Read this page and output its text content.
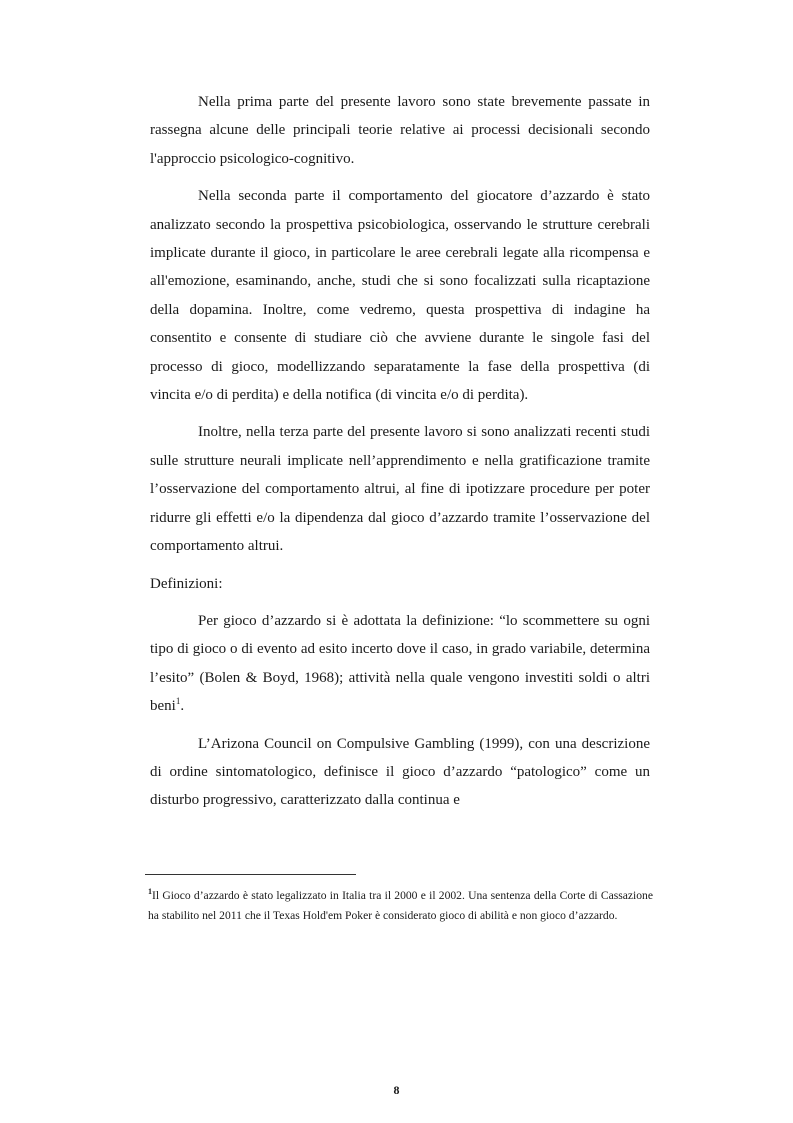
Nella prima parte del presente lavoro sono state brevemente passate in rassegna alcune delle principali teorie relative ai processi decisionali secondo l'approccio psicologico-cognitivo.

Nella seconda parte il comportamento del giocatore d’azzardo è stato analizzato secondo la prospettiva psicobiologica, osservando le strutture cerebrali implicate durante il gioco, in particolare le aree cerebrali legate alla ricompensa e all'emozione, esaminando, anche, studi che si sono focalizzati sulla ricaptazione della dopamina. Inoltre, come vedremo, questa prospettiva di indagine ha consentito e consente di studiare ciò che avviene durante le singole fasi del processo di gioco, modellizzando separatamente la fase della prospettiva (di vincita e/o di perdita) e della notifica (di vincita e/o di perdita).

Inoltre, nella terza parte del presente lavoro si sono analizzati recenti studi sulle strutture neurali implicate nell’apprendimento e nella gratificazione tramite l’osservazione del comportamento altrui, al fine di ipotizzare procedure per poter ridurre gli effetti e/o la dipendenza dal gioco d’azzardo tramite l’osservazione del comportamento altrui.

Definizioni:

Per gioco d’azzardo si è adottata la definizione: “lo scommettere su ogni tipo di gioco o di evento ad esito incerto dove il caso, in grado variabile, determina l’esito” (Bolen & Boyd, 1968); attività nella quale vengono investiti soldi o altri beni$^1$.

L’Arizona Council on Compulsive Gambling (1999), con una descrizione di ordine sintomatologico, definisce il gioco d’azzardo “patologico” come un disturbo progressivo, caratterizzato dalla continua e

$^1$Il Gioco d’azzardo è stato legalizzato in Italia tra il 2000 e il 2002. Una sentenza della Corte di Cassazione ha stabilito nel 2011 che il Texas Hold'em Poker è considerato gioco di abilità e non gioco d’azzardo.
8
